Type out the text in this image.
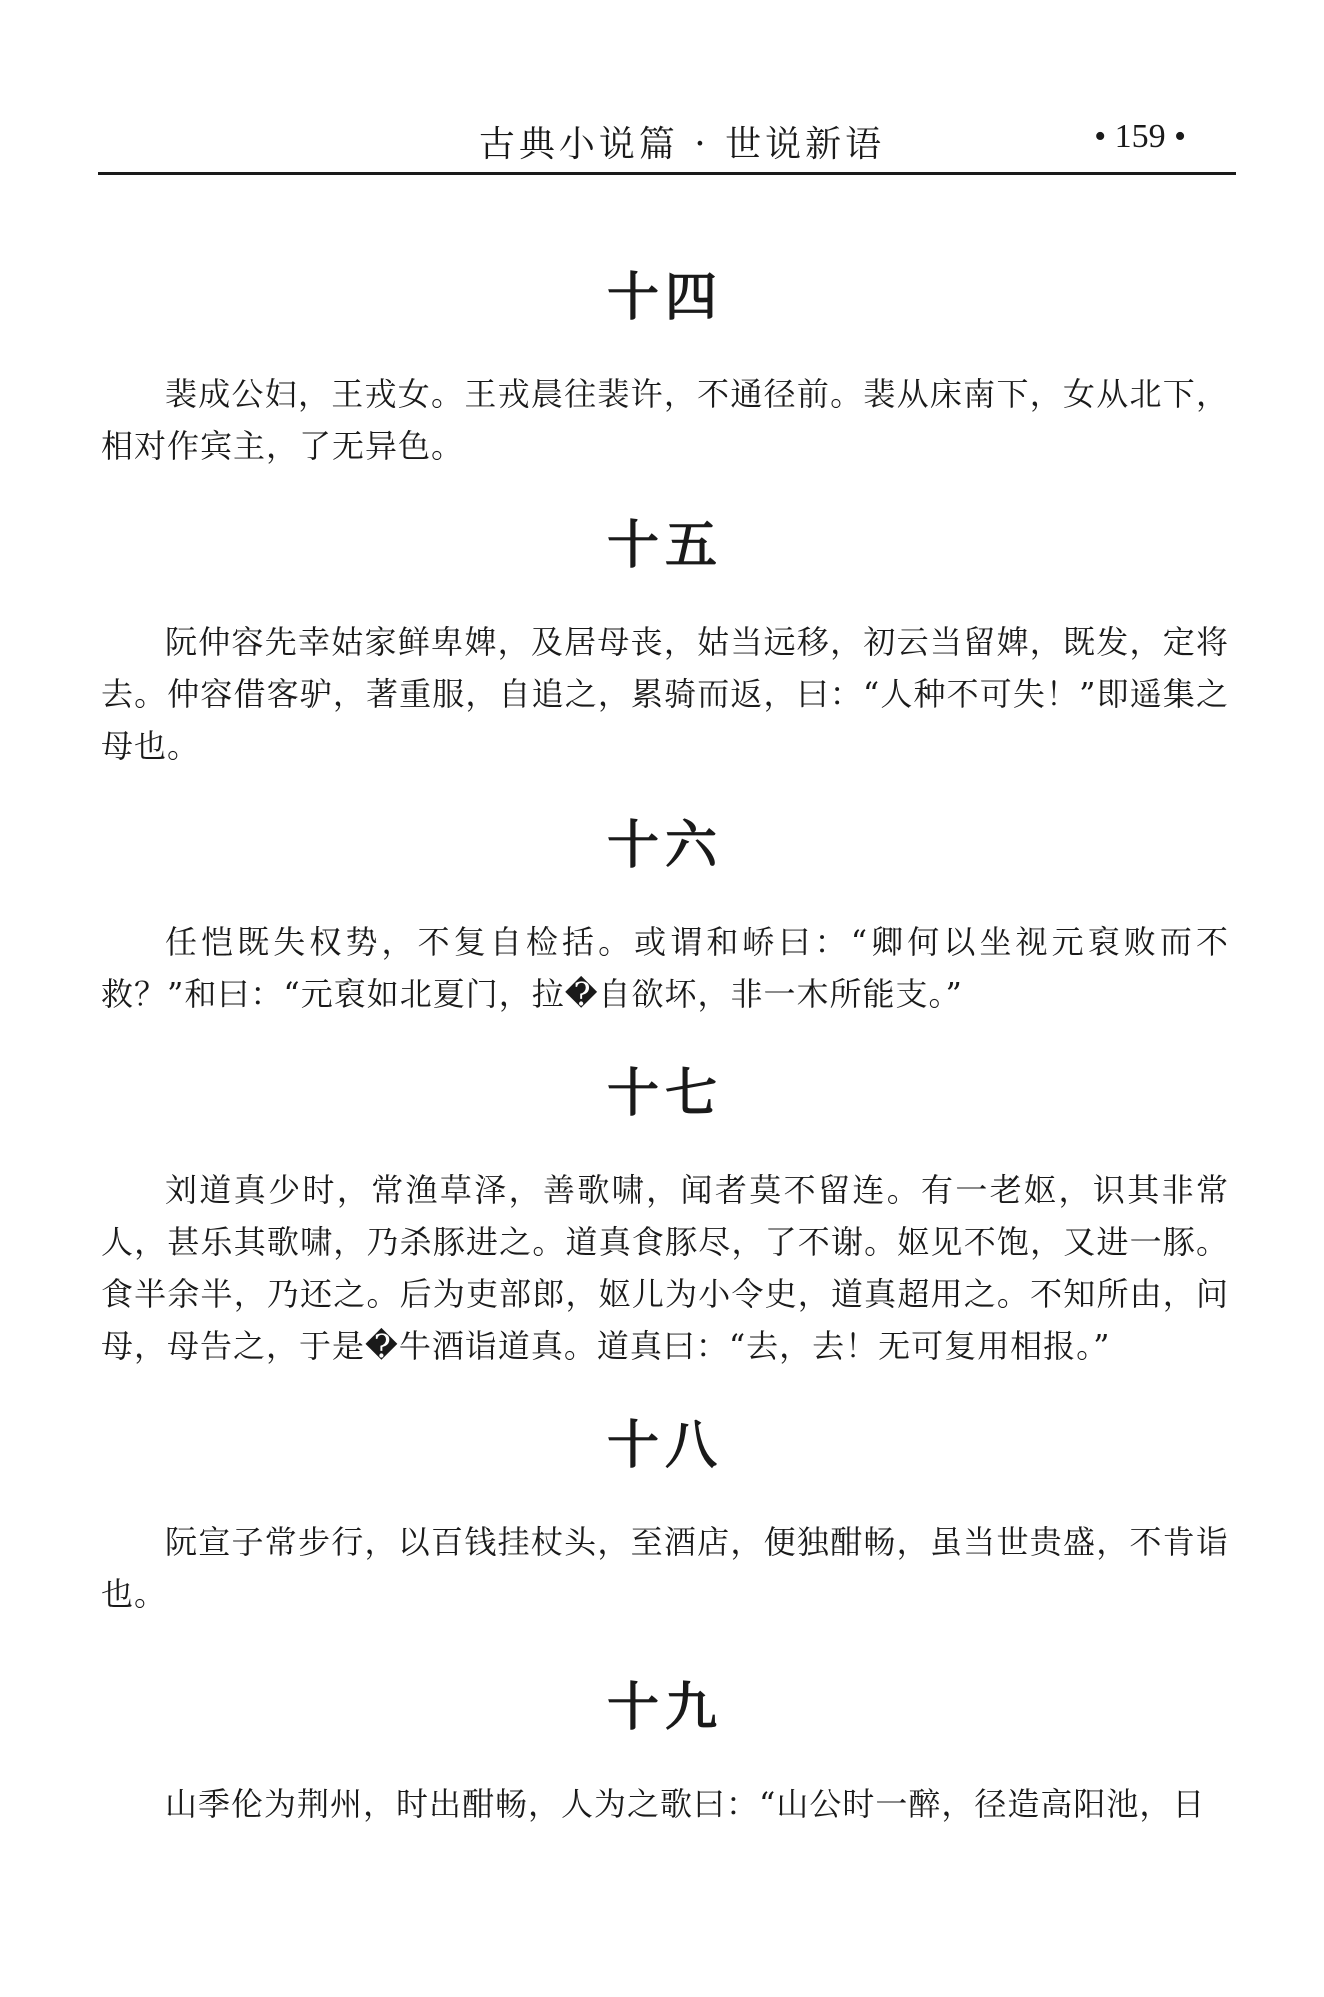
古典小说篇 · 世说新语	• 159 •
十四

裴成公妇，王戎女。王戎晨往裴许，不通径前。裴从床南下，女从北下，相对作宾主，了无异色。

十五

阮仲容先幸姑家鲜卑婢，及居母丧，姑当远移，初云当留婢，既发，定将去。仲容借客驴，著重服，自追之，累骑而返，曰：“人种不可失！”即遥集之母也。

十六

任恺既失权势，不复自检括。或谓和峤曰：“卿何以坐视元裒败而不救？”和曰：“元裒如北夏门，拉�自欲坏，非一木所能支。”

十七

刘道真少时，常渔草泽，善歌啸，闻者莫不留连。有一老妪，识其非常人，甚乐其歌啸，乃杀豚进之。道真食豚尽，了不谢。妪见不饱，又进一豚。食半余半，乃还之。后为吏部郎，妪儿为小令史，道真超用之。不知所由，问母，母告之，于是�牛酒诣道真。道真曰：“去，去！无可复用相报。”

十八

阮宣子常步行，以百钱挂杖头，至酒店，便独酣畅，虽当世贵盛，不肯诣也。

十九

山季伦为荆州，时出酣畅，人为之歌曰：“山公时一醉，径造高阳池，日
